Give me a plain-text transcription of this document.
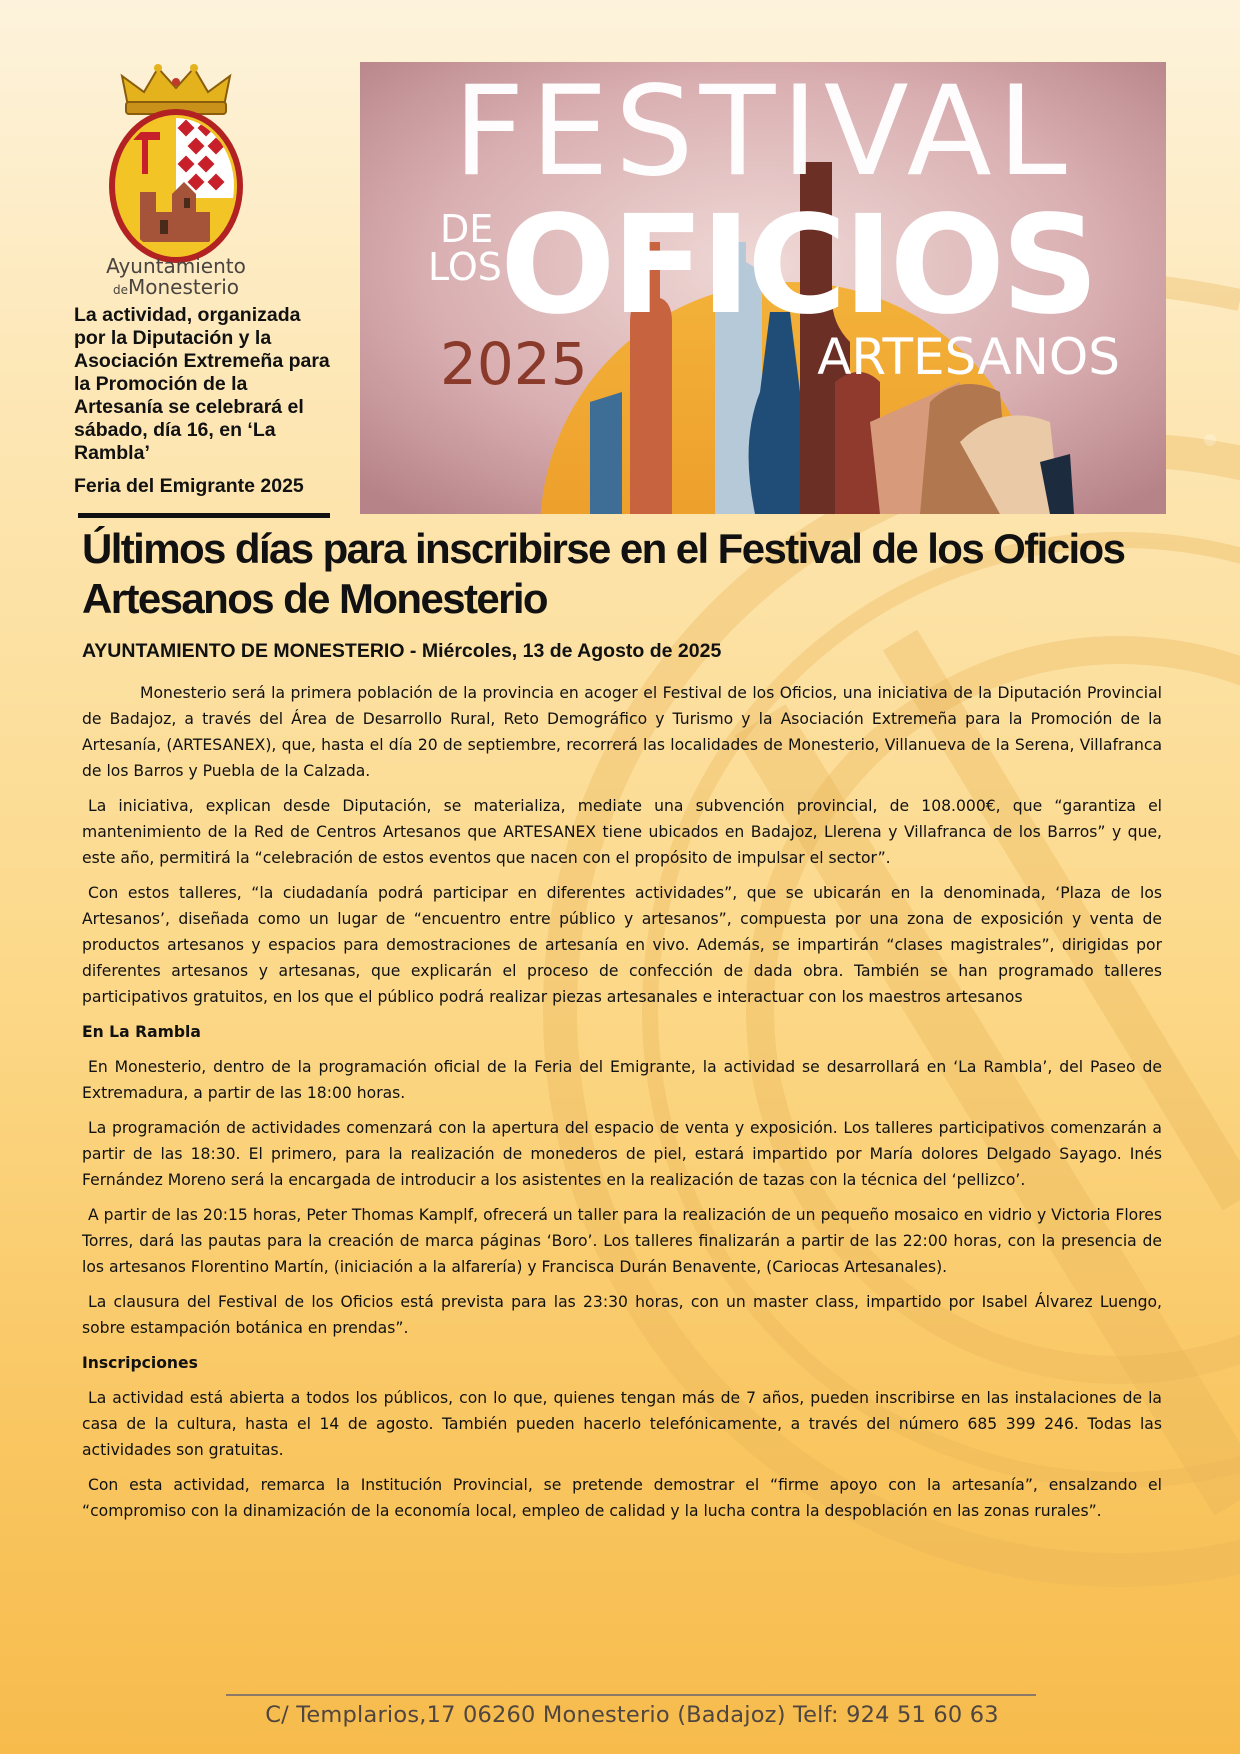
Ayuntamiento
deMonesterio
La actividad, organizada por la Diputación y la Asociación Extremeña para la Promoción de la Artesanía se celebrará el sábado, día 16, en ‘La Rambla’
Feria del Emigrante 2025
FESTIVAL
DE
LOS
OFICIOS
2025	ARTESANOS
Últimos días para inscribirse en el Festival de los Oficios Artesanos de Monesterio
AYUNTAMIENTO DE MONESTERIO - Miércoles, 13 de Agosto de 2025

Monesterio será la primera población de la provincia en acoger el Festival de los Oficios, una iniciativa de la Diputación Provincial de Badajoz, a través del Área de Desarrollo Rural, Reto Demográfico y Turismo y la Asociación Extremeña para la Promoción de la Artesanía, (ARTESANEX), que, hasta el día 20 de septiembre, recorrerá las localidades de Monesterio, Villanueva de la Serena, Villafranca de los Barros y Puebla de la Calzada.

La iniciativa, explican desde Diputación, se materializa, mediate una subvención provincial, de 108.000€, que “garantiza el mantenimiento de la Red de Centros Artesanos que ARTESANEX tiene ubicados en Badajoz, Llerena y Villafranca de los Barros” y que, este año, permitirá la “celebración de estos eventos que nacen con el propósito de impulsar el sector”.

Con estos talleres, “la ciudadanía podrá participar en diferentes actividades”, que se ubicarán en la denominada, ‘Plaza de los Artesanos’, diseñada como un lugar de “encuentro entre público y artesanos”, compuesta por una zona de exposición y venta de productos artesanos y espacios para demostraciones de artesanía en vivo. Además, se impartirán “clases magistrales”, dirigidas por diferentes artesanos y artesanas, que explicarán el proceso de confección de dada obra. También se han programado talleres participativos gratuitos, en los que el público podrá realizar piezas artesanales e interactuar con los maestros artesanos

En La Rambla

En Monesterio, dentro de la programación oficial de la Feria del Emigrante, la actividad se desarrollará en ‘La Rambla’, del Paseo de Extremadura, a partir de las 18:00 horas.

La programación de actividades comenzará con la apertura del espacio de venta y exposición. Los talleres participativos comenzarán a partir de las 18:30. El primero, para la realización de monederos de piel, estará impartido por María dolores Delgado Sayago. Inés Fernández Moreno será la encargada de introducir a los asistentes en la realización de tazas con la técnica del ‘pellizco’.

A partir de las 20:15 horas, Peter Thomas Kamplf, ofrecerá un taller para la realización de un pequeño mosaico en vidrio y Victoria Flores Torres, dará las pautas para la creación de marca páginas ‘Boro’. Los talleres finalizarán a partir de las 22:00 horas, con la presencia de los artesanos Florentino Martín, (iniciación a la alfarería) y Francisca Durán Benavente, (Cariocas Artesanales).

La clausura del Festival de los Oficios está prevista para las 23:30 horas, con un master class, impartido por Isabel Álvarez Luengo, sobre estampación botánica en prendas”.

Inscripciones

La actividad está abierta a todos los públicos, con lo que, quienes tengan más de 7 años, pueden inscribirse en las instalaciones de la casa de la cultura, hasta el 14 de agosto. También pueden hacerlo telefónicamente, a través del número 685 399 246. Todas las actividades son gratuitas.

Con esta actividad, remarca la Institución Provincial, se pretende demostrar el “firme apoyo con la artesanía”, ensalzando el “compromiso con la dinamización de la economía local, empleo de calidad y la lucha contra la despoblación en las zonas rurales”.

C/ Templarios,17 06260 Monesterio (Badajoz) Telf: 924 51 60 63
